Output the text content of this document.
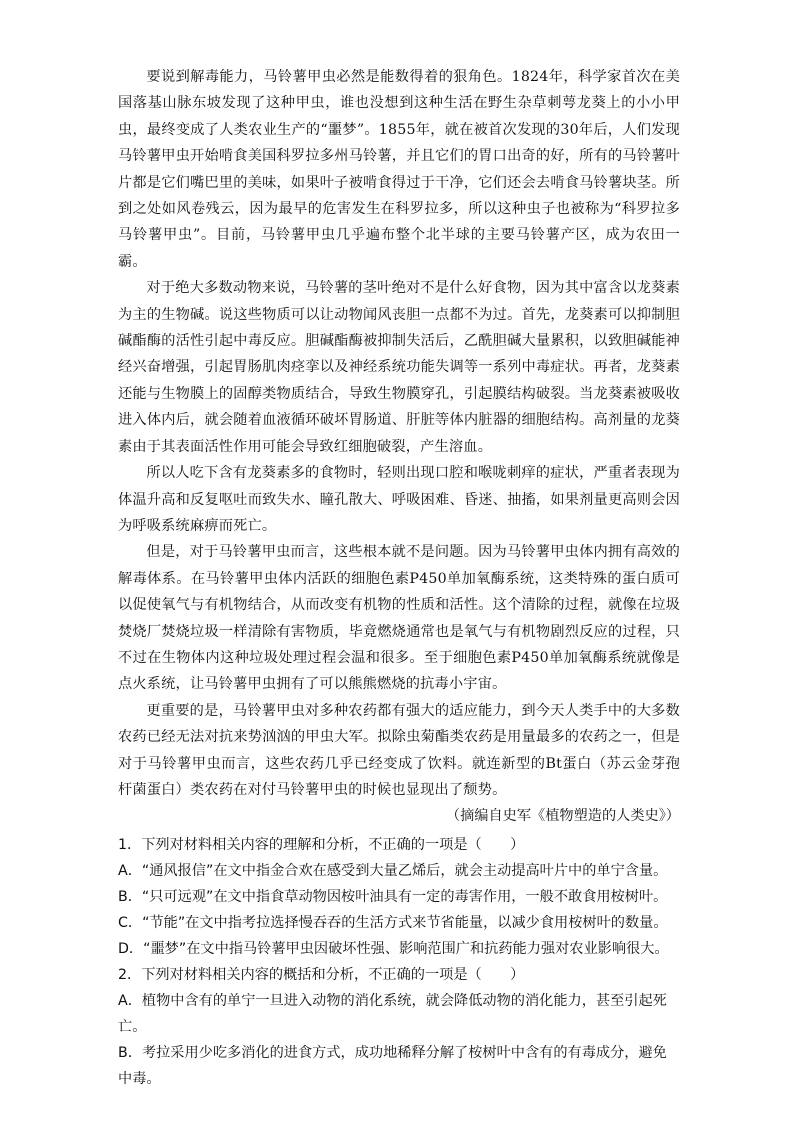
要说到解毒能力，马铃薯甲虫必然是能数得着的狠角色。1824年，科学家首次在美国落基山脉东坡发现了这种甲虫，谁也没想到这种生活在野生杂草刺萼龙葵上的小小甲虫，最终变成了人类农业生产的“噩梦”。1855年，就在被首次发现的30年后，人们发现马铃薯甲虫开始啃食美国科罗拉多州马铃薯，并且它们的胃口出奇的好，所有的马铃薯叶片都是它们嘴巴里的美味，如果叶子被啃食得过于干净，它们还会去啃食马铃薯块茎。所到之处如风卷残云，因为最早的危害发生在科罗拉多，所以这种虫子也被称为“科罗拉多马铃薯甲虫”。目前，马铃薯甲虫几乎遍布整个北半球的主要马铃薯产区，成为农田一霸。

对于绝大多数动物来说，马铃薯的茎叶绝对不是什么好食物，因为其中富含以龙葵素为主的生物碱。说这些物质可以让动物闻风丧胆一点都不为过。首先，龙葵素可以抑制胆碱酯酶的活性引起中毒反应。胆碱酯酶被抑制失活后，乙酰胆碱大量累积，以致胆碱能神经兴奋增强，引起胃肠肌肉痉挛以及神经系统功能失调等一系列中毒症状。再者，龙葵素还能与生物膜上的固醇类物质结合，导致生物膜穿孔，引起膜结构破裂。当龙葵素被吸收进入体内后，就会随着血液循环破坏胃肠道、肝脏等体内脏器的细胞结构。高剂量的龙葵素由于其表面活性作用可能会导致红细胞破裂，产生溶血。

所以人吃下含有龙葵素多的食物时，轻则出现口腔和喉咙刺痒的症状，严重者表现为体温升高和反复呕吐而致失水、瞳孔散大、呼吸困难、昏迷、抽搐，如果剂量更高则会因为呼吸系统麻痹而死亡。

但是，对于马铃薯甲虫而言，这些根本就不是问题。因为马铃薯甲虫体内拥有高效的解毒体系。在马铃薯甲虫体内活跃的细胞色素P450单加氧酶系统，这类特殊的蛋白质可以促使氧气与有机物结合，从而改变有机物的性质和活性。这个清除的过程，就像在垃圾焚烧厂焚烧垃圾一样清除有害物质，毕竟燃烧通常也是氧气与有机物剧烈反应的过程，只不过在生物体内这种垃圾处理过程会温和很多。至于细胞色素P450单加氧酶系统就像是点火系统，让马铃薯甲虫拥有了可以熊熊燃烧的抗毒小宇宙。

更重要的是，马铃薯甲虫对多种农药都有强大的适应能力，到今天人类手中的大多数农药已经无法对抗来势汹汹的甲虫大军。拟除虫菊酯类农药是用量最多的农药之一，但是对于马铃薯甲虫而言，这些农药几乎已经变成了饮料。就连新型的Bt蛋白（苏云金芽孢杆菌蛋白）类农药在对付马铃薯甲虫的时候也显现出了颓势。

（摘编自史军《植物塑造的人类史》）

1．下列对材料相关内容的理解和分析，不正确的一项是（　　）

A．“通风报信”在文中指金合欢在感受到大量乙烯后，就会主动提高叶片中的单宁含量。

B．“只可远观”在文中指食草动物因桉叶油具有一定的毒害作用，一般不敢食用桉树叶。

C．“节能”在文中指考拉选择慢吞吞的生活方式来节省能量，以减少食用桉树叶的数量。

D．“噩梦”在文中指马铃薯甲虫因破坏性强、影响范围广和抗药能力强对农业影响很大。

2．下列对材料相关内容的概括和分析，不正确的一项是（　　）

A．植物中含有的单宁一旦进入动物的消化系统，就会降低动物的消化能力，甚至引起死亡。

B．考拉采用少吃多消化的进食方式，成功地稀释分解了桉树叶中含有的有毒成分，避免中毒。
